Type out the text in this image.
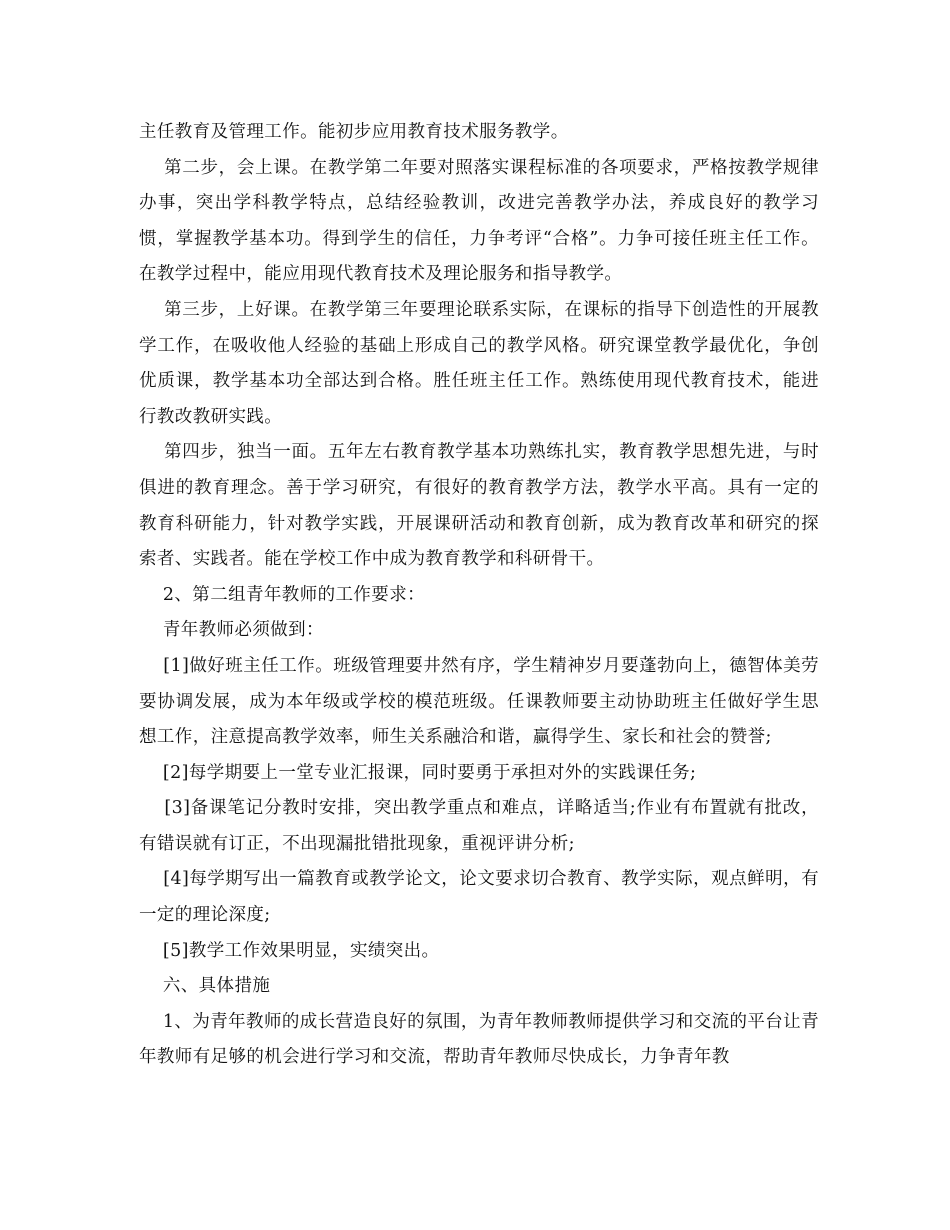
主任教育及管理工作。能初步应用教育技术服务教学。

第二步，会上课。在教学第二年要对照落实课程标准的各项要求，严格按教学规律办事，突出学科教学特点，总结经验教训，改进完善教学办法，养成良好的教学习惯，掌握教学基本功。得到学生的信任，力争考评“合格”。力争可接任班主任工作。在教学过程中，能应用现代教育技术及理论服务和指导教学。

第三步，上好课。在教学第三年要理论联系实际，在课标的指导下创造性的开展教学工作，在吸收他人经验的基础上形成自己的教学风格。研究课堂教学最优化，争创优质课，教学基本功全部达到合格。胜任班主任工作。熟练使用现代教育技术，能进行教改教研实践。

第四步，独当一面。五年左右教育教学基本功熟练扎实，教育教学思想先进，与时俱进的教育理念。善于学习研究，有很好的教育教学方法，教学水平高。具有一定的教育科研能力，针对教学实践，开展课研活动和教育创新，成为教育改革和研究的探索者、实践者。能在学校工作中成为教育教学和科研骨干。

2、第二组青年教师的工作要求：

青年教师必须做到：

[1]做好班主任工作。班级管理要井然有序，学生精神岁月要蓬勃向上，德智体美劳要协调发展，成为本年级或学校的模范班级。任课教师要主动协助班主任做好学生思想工作，注意提高教学效率，师生关系融洽和谐，赢得学生、家长和社会的赞誉;

[2]每学期要上一堂专业汇报课，同时要勇于承担对外的实践课任务;

[3]备课笔记分教时安排，突出教学重点和难点，详略适当;作业有布置就有批改，有错误就有订正，不出现漏批错批现象，重视评讲分析;

[4]每学期写出一篇教育或教学论文，论文要求切合教育、教学实际，观点鲜明，有一定的理论深度;

[5]教学工作效果明显，实绩突出。

六、具体措施

1、为青年教师的成长营造良好的氛围，为青年教师教师提供学习和交流的平台让青年教师有足够的机会进行学习和交流，帮助青年教师尽快成长，力争青年教
